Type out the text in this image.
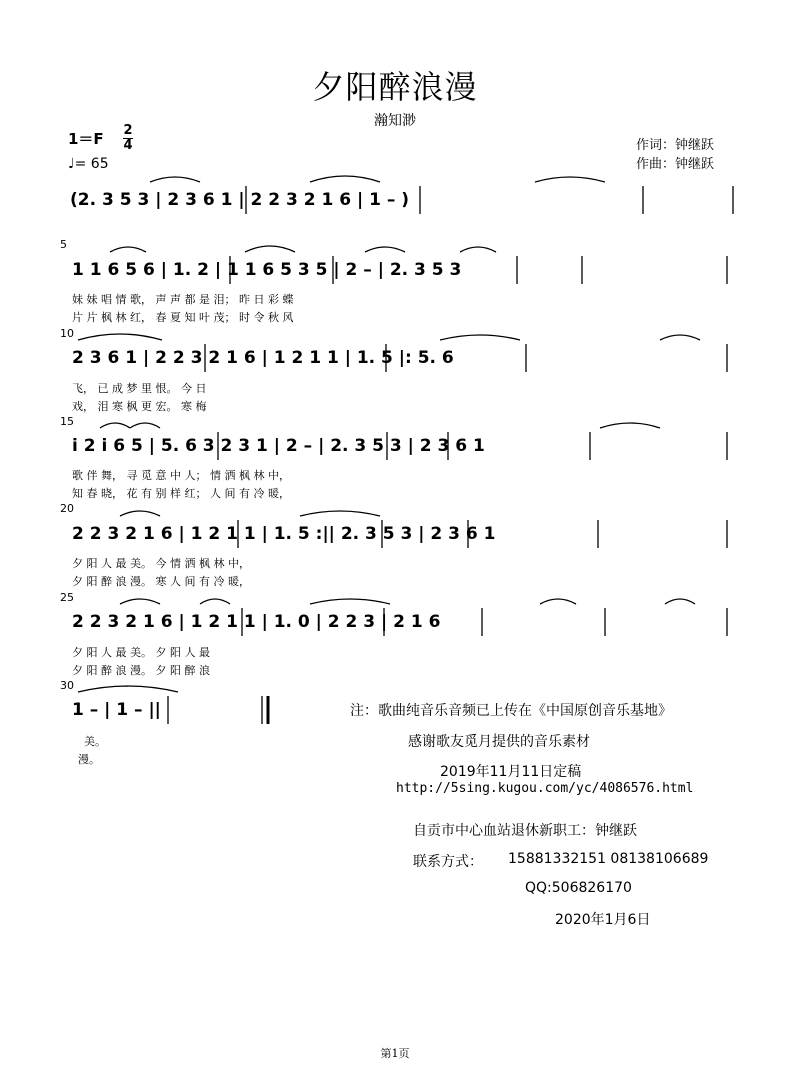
夕阳醉浪漫
瀚知渺
1＝F 2
4
♩= 65
作词：钟继跃
作曲：钟继跃
(2. 3 5 3 | 2 3 6 1 | 2 2 3 2 1 6 | 1 – )
5
1 1 6 5 6 | 1. 2 | 1 1 6 5 3 5 | 2 – | 2. 3 5 3
妹 妹 唱 情 歌， 声 声 都 是 泪； 昨 日 彩 蝶
片 片 枫 林 红， 春 夏 知 叶 茂； 时 令 秋 风
10
2 3 6 1 | 2 2 3 2 1 6 | 1 2 1 1 | 1. 5 |: 5. 6
飞， 已 成 梦 里 恨。 今 日
戏， 泪 寒 枫 更 宏。 寒 梅
15
i 2 i 6 5 | 5. 6 3 2 3 1 | 2 – | 2. 3 5 3 | 2 3 6 1
歌 伴 舞， 寻 觅 意 中 人； 情 洒 枫 林 中，
知 春 晓， 花 有 别 样 红； 人 间 有 冷 暖，
20
2 2 3 2 1 6 | 1 2 1 1 | 1. 5 :|| 2. 3 5 3 | 2 3 6 1
夕 阳 人 最 美。 今 情 洒 枫 林 中，
夕 阳 醉 浪 漫。 寒 人 间 有 冷 暖，
25
2 2 3 2 1 6 | 1 2 1 1 | 1. 0 | 2 2 3 | 2 1 6
夕 阳 人 最 美。 夕 阳 人 最
夕 阳 醉 浪 漫。 夕 阳 醉 浪
30
1 – | 1 – ||
美。
漫。
注：歌曲纯音乐音频已上传在《中国原创音乐基地》
感谢歌友觅月提供的音乐素材
2019年11月11日定稿
http://5sing.kugou.com/yc/4086576.html
自贡市中心血站退休新职工：钟继跃
联系方式： 15881332151 08138106689
QQ:506826170
2020年1月6日
第1页
